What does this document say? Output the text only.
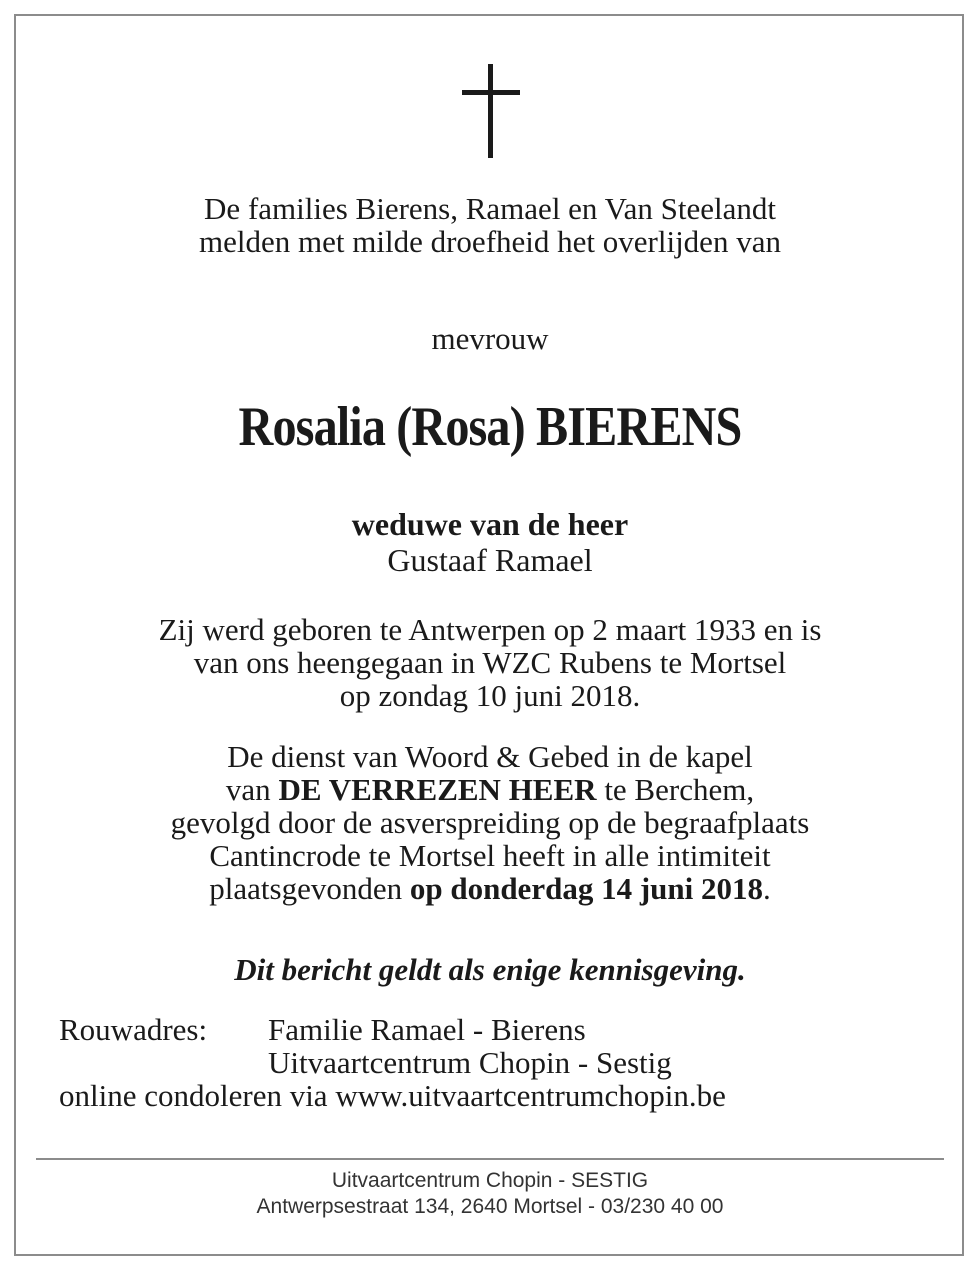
De families Bierens, Ramael en Van Steelandt
melden met milde droefheid het overlijden van
mevrouw
Rosalia (Rosa) BIERENS
weduwe van de heer
Gustaaf Ramael
Zij werd geboren te Antwerpen op 2 maart 1933 en is
van ons heengegaan in WZC Rubens te Mortsel
op zondag 10 juni 2018.
De dienst van Woord & Gebed in de kapel
van DE VERREZEN HEER te Berchem,
gevolgd door de asverspreiding op de begraafplaats
Cantincrode te Mortsel heeft in alle intimiteit
plaatsgevonden op donderdag 14 juni 2018.
Dit bericht geldt als enige kennisgeving.
Rouwadres: Familie Ramael - Bierens
Uitvaartcentrum Chopin - Sestig
online condoleren via www.uitvaartcentrumchopin.be
Uitvaartcentrum Chopin - SESTIG
Antwerpsestraat 134, 2640 Mortsel - 03/230 40 00
